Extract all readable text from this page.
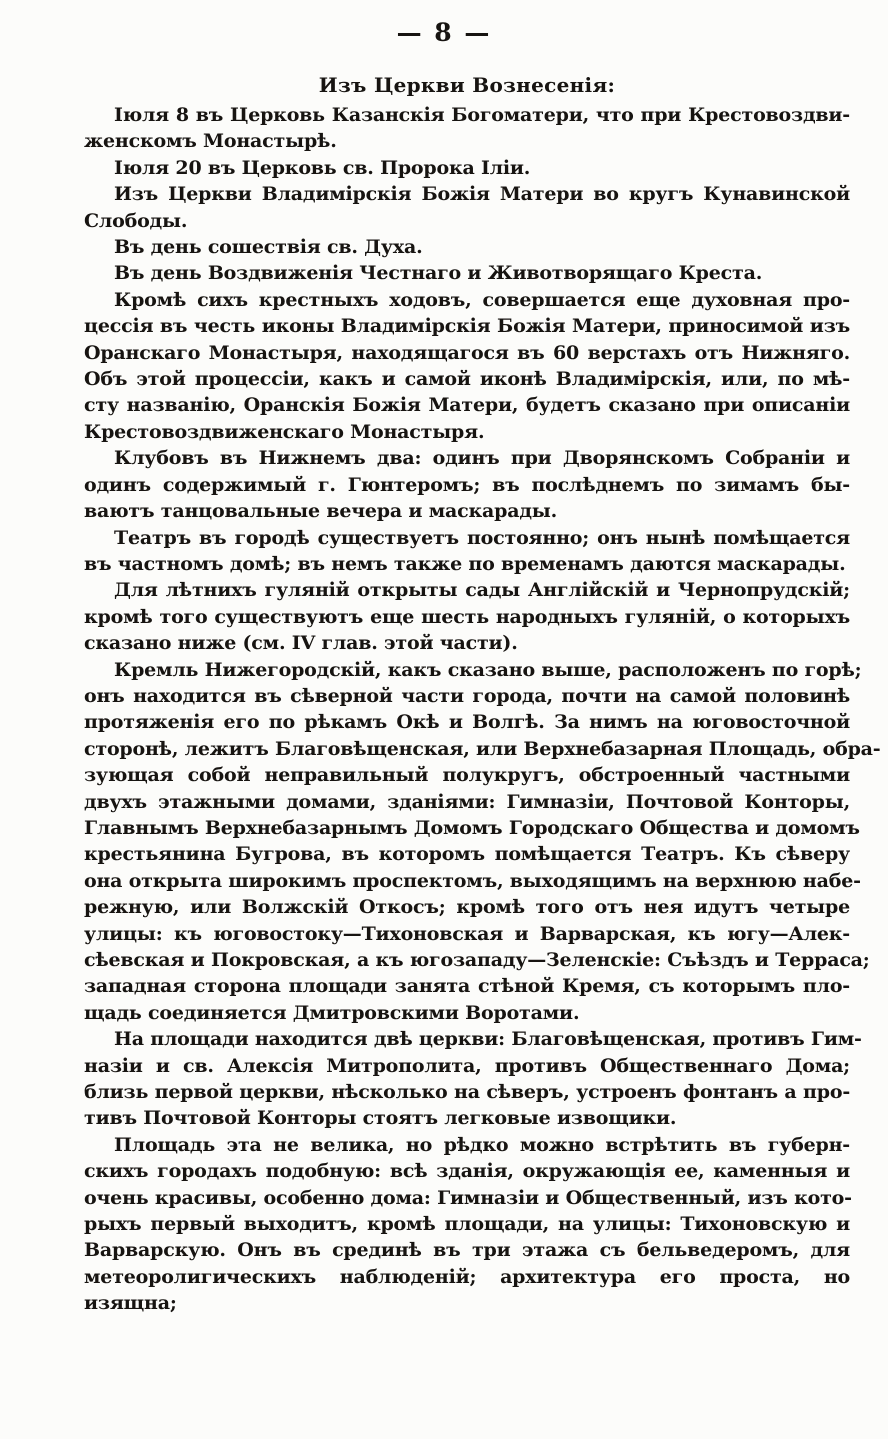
— 8 —
Изъ Церкви Вознесенія:
Іюля 8 въ Церковь Казанскія Богоматери, что при Крестовоздви-
женскомъ Монастырѣ.
Іюля 20 въ Церковь св. Пророка Іліи.
Изъ Церкви Владимірскія Божія Матери во кругъ Кунавинской
Слободы.
Въ день сошествія св. Духа.
Въ день Воздвиженія Честнаго и Животворящаго Креста.
Кромѣ сихъ крестныхъ ходовъ, совершается еще духовная про-
цессія въ честь иконы Владимірскія Божія Матери, приносимой изъ
Оранскаго Монастыря, находящагося въ 60 верстахъ отъ Нижняго.
Объ этой процессіи, какъ и самой иконѣ Владимірскія, или, по мѣ-
сту названію, Оранскія Божія Матери, будетъ сказано при описаніи
Крестовоздвиженскаго Монастыря.
Клубовъ въ Нижнемъ два: одинъ при Дворянскомъ Собраніи и
одинъ содержимый г. Гюнтеромъ; въ послѣднемъ по зимамъ бы-
ваютъ танцовальные вечера и маскарады.
Театръ въ городѣ существуетъ постоянно; онъ нынѣ помѣщается
въ частномъ домѣ; въ немъ также по временамъ даются маскарады.
Для лѣтнихъ гуляній открыты сады Англійскій и Чернопрудскій;
кромѣ того существуютъ еще шесть народныхъ гуляній, о которыхъ
сказано ниже (см. IV глав. этой части).
Кремль Нижегородскій, какъ сказано выше, расположенъ по горѣ;
онъ находится въ сѣверной части города, почти на самой половинѣ
протяженія его по рѣкамъ Окѣ и Волгѣ. За нимъ на юговосточной
сторонѣ, лежитъ Благовѣщенская, или Верхнебазарная Площадь, обра-
зующая собой неправильный полукругъ, обстроенный частными
двухъ этажными домами, зданіями: Гимназіи, Почтовой Конторы,
Главнымъ Верхнебазарнымъ Домомъ Городскаго Общества и домомъ
крестьянина Бугрова, въ которомъ помѣщается Театръ. Къ сѣверу
она открыта широкимъ проспектомъ, выходящимъ на верхнюю набе-
режную, или Волжскій Откосъ; кромѣ того отъ нея идутъ четыре
улицы: къ юговостоку—Тихоновская и Варварская, къ югу—Алек-
сѣевская и Покровская, а къ югозападу—Зеленскіе: Съѣздъ и Терраса;
западная сторона площади занята стѣной Кремя, съ которымъ пло-
щадь соединяется Дмитровскими Воротами.
На площади находится двѣ церкви: Благовѣщенская, противъ Гим-
назіи и св. Алексія Митрополита, противъ Общественнаго Дома;
близь первой церкви, нѣсколько на сѣверъ, устроенъ фонтанъ а про-
тивъ Почтовой Конторы стоятъ легковые извощики.
Площадь эта не велика, но рѣдко можно встрѣтить въ губерн-
скихъ городахъ подобную: всѣ зданія, окружающія ее, каменныя и
очень красивы, особенно дома: Гимназіи и Общественный, изъ кото-
рыхъ первый выходитъ, кромѣ площади, на улицы: Тихоновскую и
Варварскую. Онъ въ срединѣ въ три этажа съ бельведеромъ, для
метеоролигическихъ наблюденій; архитектура его проста, но изящна;
